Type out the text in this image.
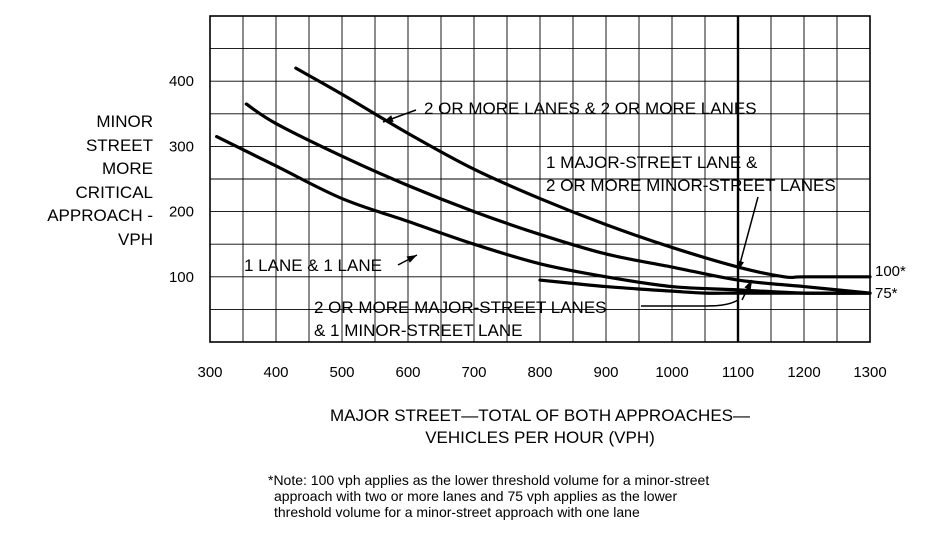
300	400	500	600	700	800	900 1000 1100 1200 1300
100
200
300
400
2 OR MORE LANES & 2 OR MORE LANES
1 MAJOR-STREET LANE &
2 OR MORE MINOR-STREET LANES
1 LANE & 1 LANE
2 OR MORE MAJOR-STREET LANES
& 1 MINOR-STREET LANE
100*
75*
MINOR
STREET
MORE
CRITICAL
APPROACH -
VPH
MAJOR STREET—TOTAL OF BOTH APPROACHES—
VEHICLES PER HOUR (VPH)
*Note: 100 vph applies as the lower threshold volume for a minor-street
approach with two or more lanes and 75 vph applies as the lower
threshold volume for a minor-street approach with one lane
